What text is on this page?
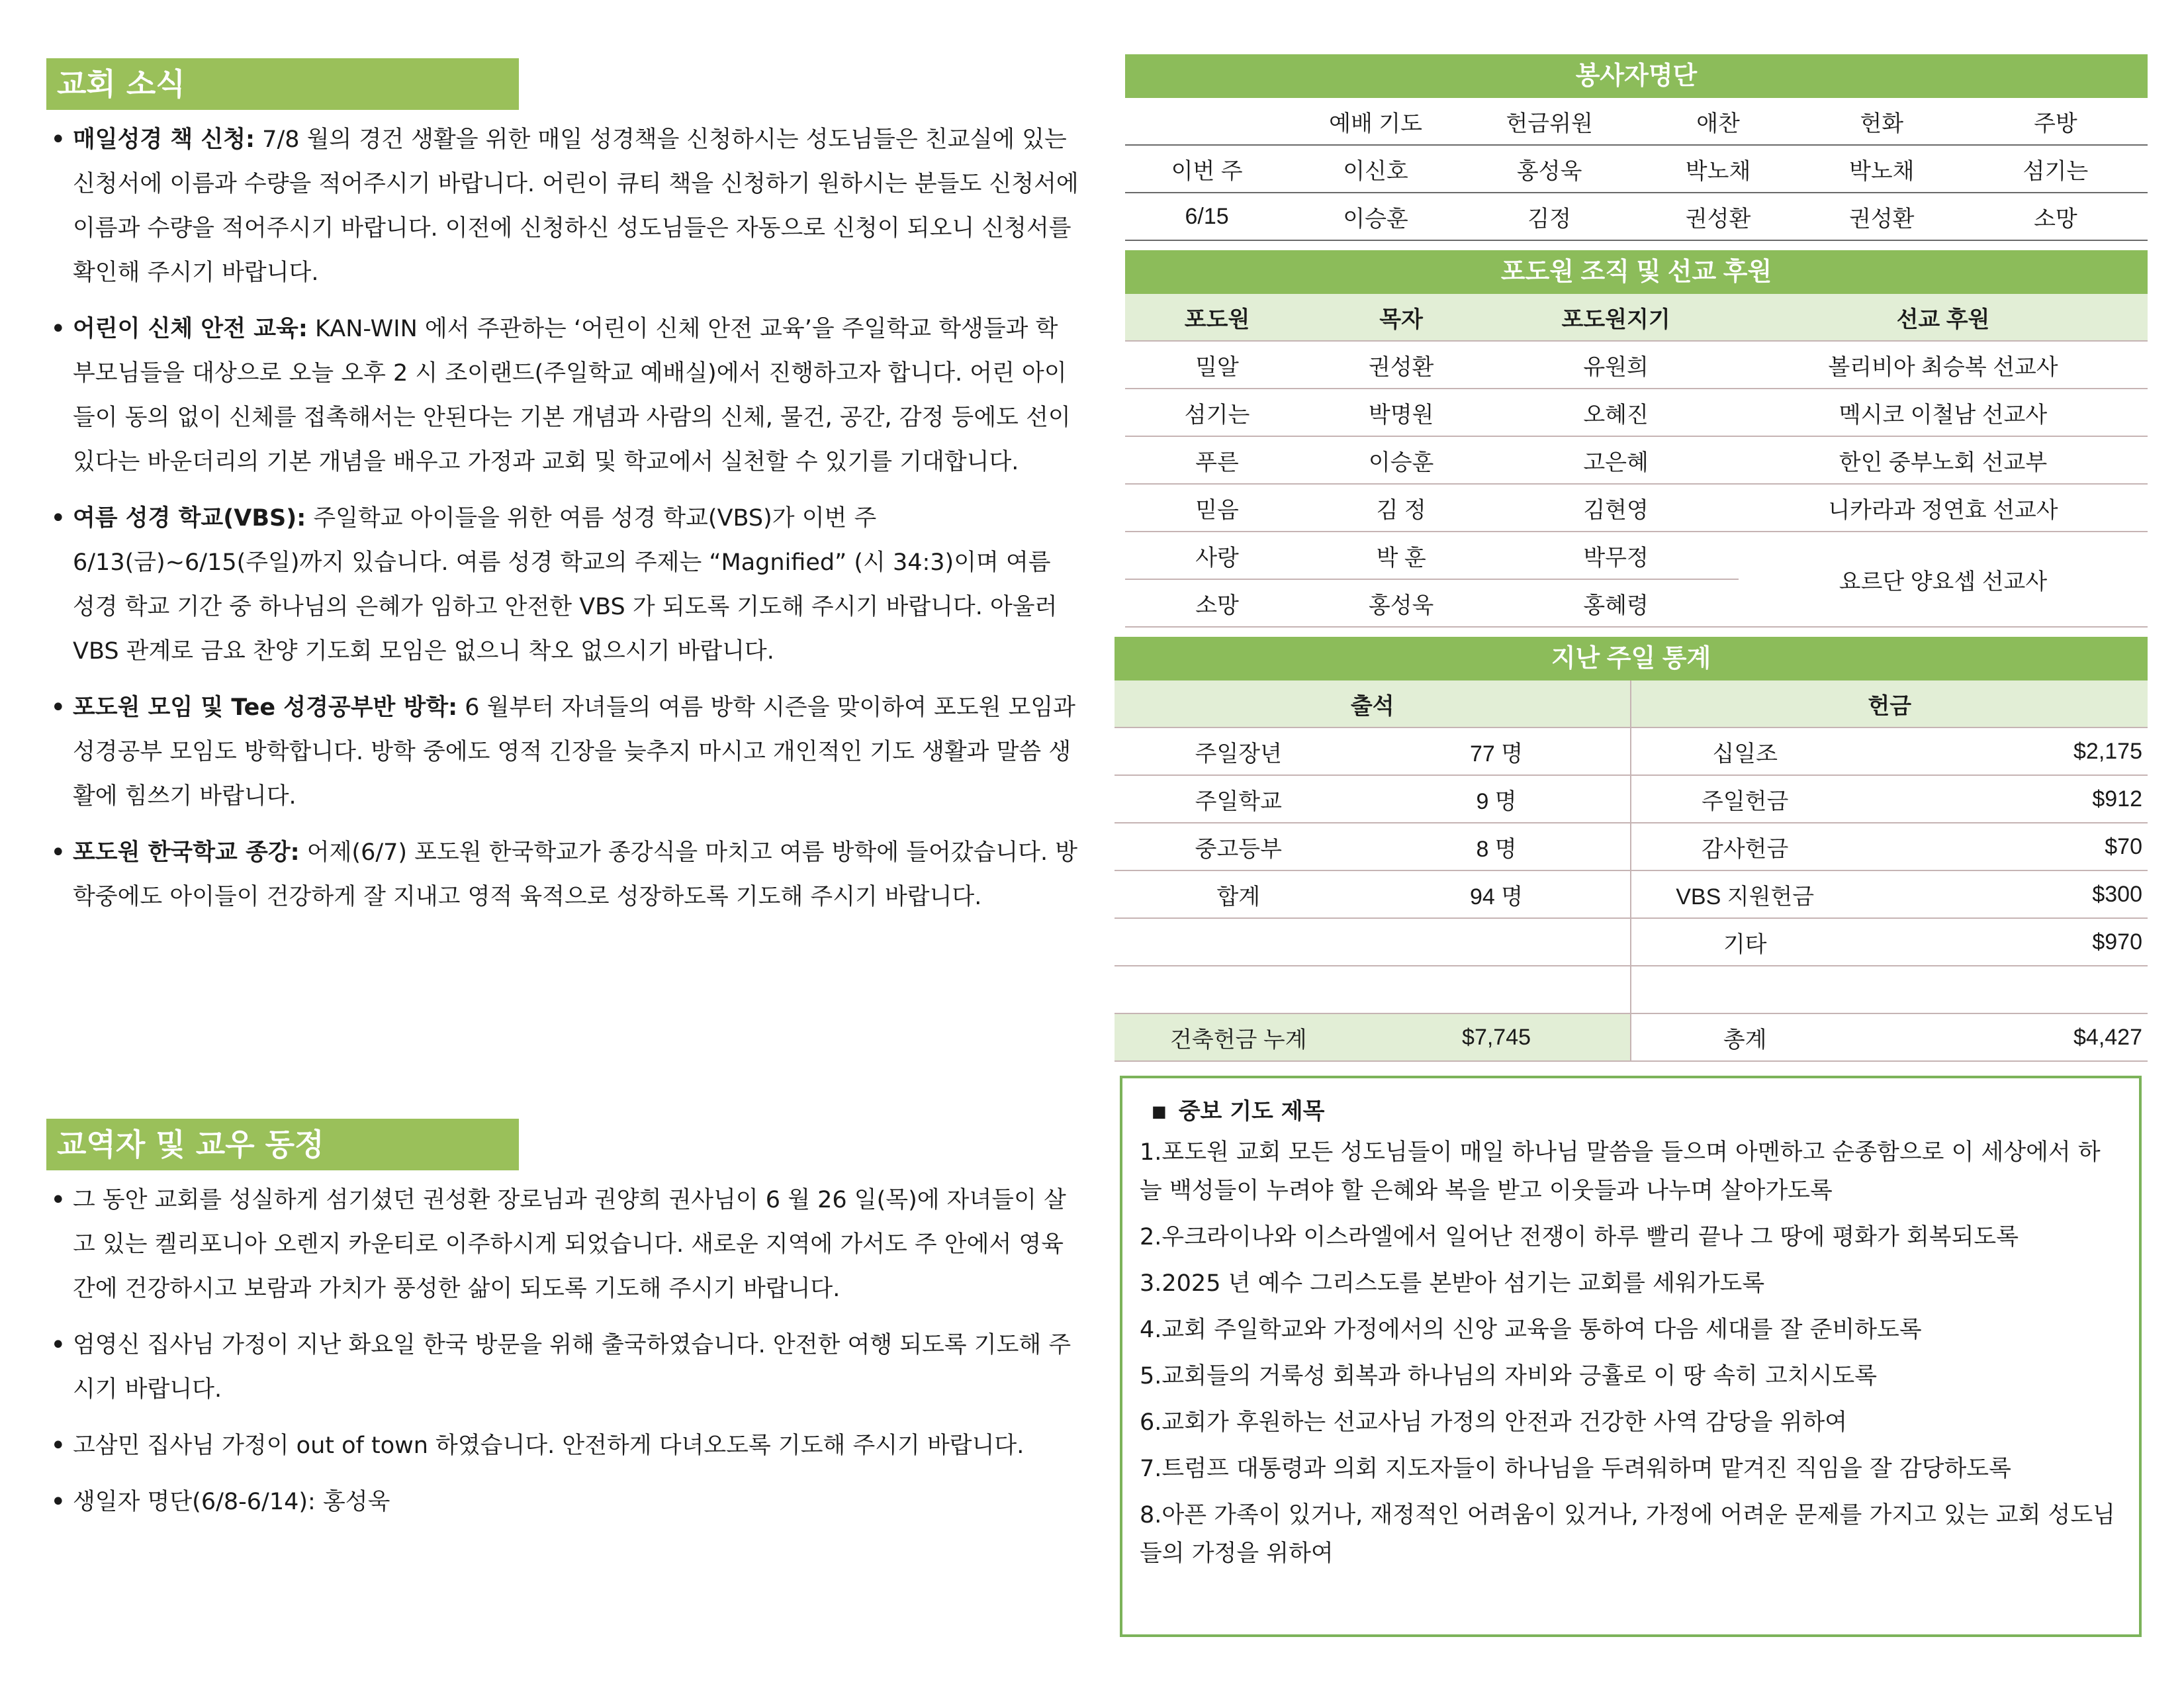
교회 소식
• 매일성경 책 신청: 7/8 월의 경건 생활을 위한 매일 성경책을 신청하시는 성도님들은 친교실에 있는 신청서에 이름과 수량을 적어주시기 바랍니다. 어린이 큐티 책을 신청하기 원하시는 분들도 신청서에 이름과 수량을 적어주시기 바랍니다. 이전에 신청하신 성도님들은 자동으로 신청이 되오니 신청서를 확인해 주시기 바랍니다.
• 어린이 신체 안전 교육: KAN-WIN 에서 주관하는 ‘어린이 신체 안전 교육’을 주일학교 학생들과 학부모님들을 대상으로 오늘 오후 2 시 조이랜드(주일학교 예배실)에서 진행하고자 합니다. 어린 아이들이 동의 없이 신체를 접촉해서는 안된다는 기본 개념과 사람의 신체, 물건, 공간, 감정 등에도 선이 있다는 바운더리의 기본 개념을 배우고 가정과 교회 및 학교에서 실천할 수 있기를 기대합니다.
• 여름 성경 학교(VBS): 주일학교 아이들을 위한 여름 성경 학교(VBS)가 이번 주 6/13(금)~6/15(주일)까지 있습니다. 여름 성경 학교의 주제는 “Magnified” (시 34:3)이며 여름 성경 학교 기간 중 하나님의 은혜가 임하고 안전한 VBS 가 되도록 기도해 주시기 바랍니다. 아울러 VBS 관계로 금요 찬양 기도회 모임은 없으니 착오 없으시기 바랍니다.
• 포도원 모임 및 Tee 성경공부반 방학: 6 월부터 자녀들의 여름 방학 시즌을 맞이하여 포도원 모임과 성경공부 모임도 방학합니다. 방학 중에도 영적 긴장을 늦추지 마시고 개인적인 기도 생활과 말씀 생활에 힘쓰기 바랍니다.
• 포도원 한국학교 종강: 어제(6/7) 포도원 한국학교가 종강식을 마치고 여름 방학에 들어갔습니다. 방학중에도 아이들이 건강하게 잘 지내고 영적 육적으로 성장하도록 기도해 주시기 바랍니다.
교역자 및 교우 동정
• 그 동안 교회를 성실하게 섬기셨던 권성환 장로님과 권양희 권사님이 6 월 26 일(목)에 자녀들이 살고 있는 켈리포니아 오렌지 카운티로 이주하시게 되었습니다. 새로운 지역에 가서도 주 안에서 영육간에 건강하시고 보람과 가치가 풍성한 삶이 되도록 기도해 주시기 바랍니다.
• 엄영신 집사님 가정이 지난 화요일 한국 방문을 위해 출국하였습니다. 안전한 여행 되도록 기도해 주시기 바랍니다.
• 고삼민 집사님 가정이 out of town 하였습니다. 안전하게 다녀오도록 기도해 주시기 바랍니다.
• 생일자 명단(6/8-6/14): 홍성욱
봉사자명단
	예배 기도	헌금위원	애찬	헌화	주방
이번 주	이신호	홍성욱	박노채	박노채	섬기는
6/15	이승훈	김정	권성환	권성환	소망
포도원 조직 및 선교 후원
포도원	목자	포도원지기	선교 후원
밀알	권성환	유원희	볼리비아 최승복 선교사
섬기는	박명원	오혜진	멕시코 이철남 선교사
푸른	이승훈	고은혜	한인 중부노회 선교부
믿음	김 정	김현영	니카라과 정연효 선교사
사랑	박 훈	박무정	요르단 양요셉 선교사
소망	홍성욱	홍혜령	
지난 주일 통계
출석		헌금	
주일장년	77 명	십일조	$2,175
주일학교	9 명	주일헌금	$912
중고등부	8 명	감사헌금	$70
합계	94 명	VBS 지원헌금	$300
		기타	$970

건축헌금 누계	$7,745	총계	$4,427
■ 중보 기도 제목
1.포도원 교회 모든 성도님들이 매일 하나님 말씀을 들으며 아멘하고 순종함으로 이 세상에서 하늘 백성들이 누려야 할 은혜와 복을 받고 이웃들과 나누며 살아가도록
2.우크라이나와 이스라엘에서 일어난 전쟁이 하루 빨리 끝나 그 땅에 평화가 회복되도록
3.2025 년 예수 그리스도를 본받아 섬기는 교회를 세워가도록
4.교회 주일학교와 가정에서의 신앙 교육을 통하여 다음 세대를 잘 준비하도록
5.교회들의 거룩성 회복과 하나님의 자비와 긍휼로 이 땅 속히 고치시도록
6.교회가 후원하는 선교사님 가정의 안전과 건강한 사역 감당을 위하여
7.트럼프 대통령과 의회 지도자들이 하나님을 두려워하며 맡겨진 직임을 잘 감당하도록
8.아픈 가족이 있거나, 재정적인 어려움이 있거나, 가정에 어려운 문제를 가지고 있는 교회 성도님들의 가정을 위하여
